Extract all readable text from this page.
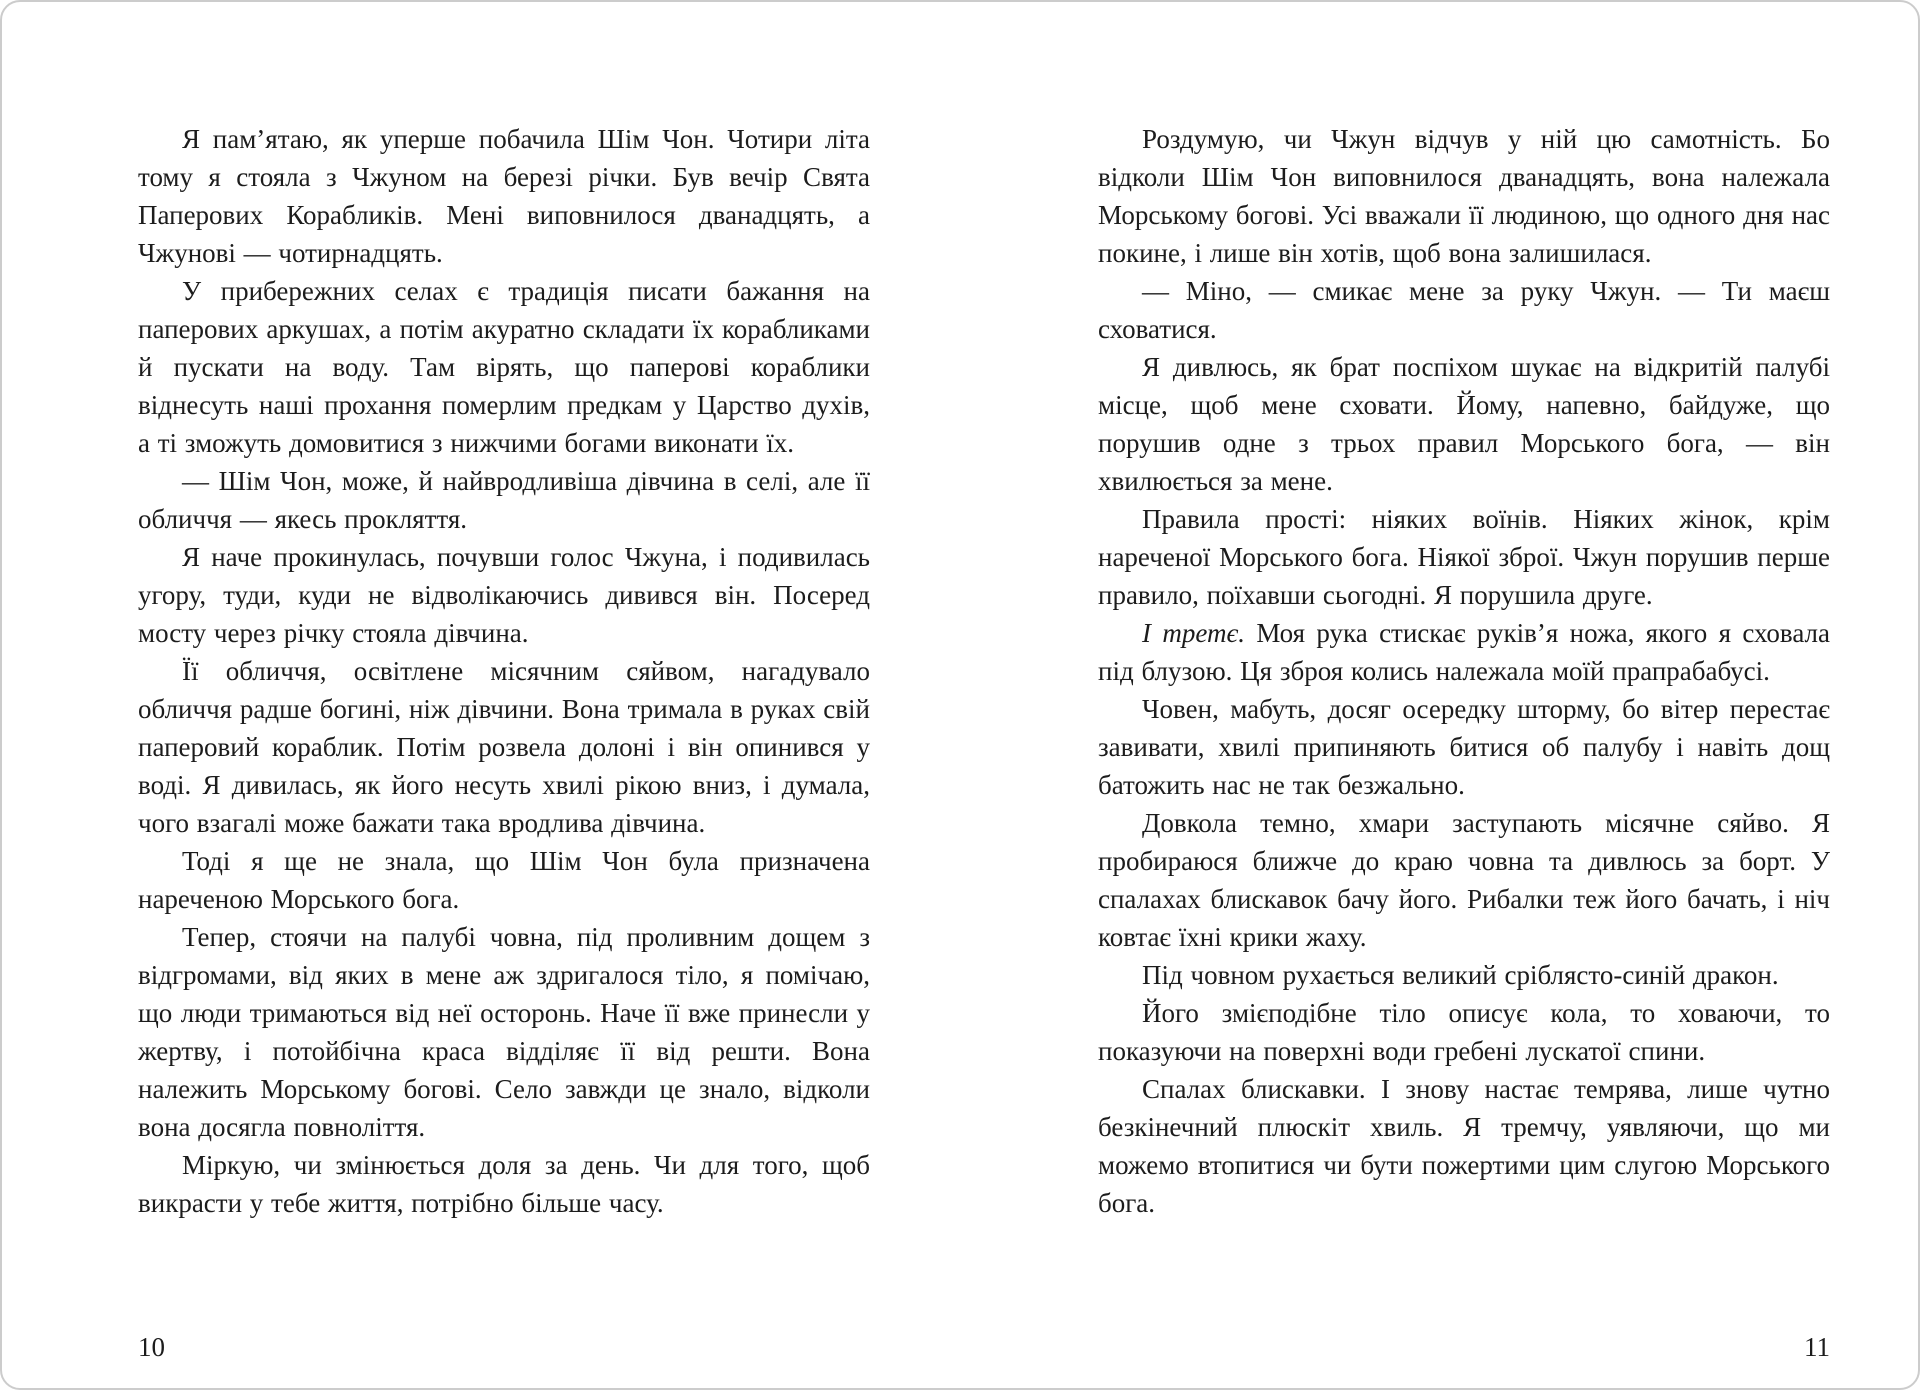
Я пам’ятаю, як уперше побачила Шім Чон. Чотири літа тому я стояла з Чжуном на березі річки. Був вечір Свята Паперових Корабликів. Мені виповнилося дванадцять, а Чжунові — чотирнадцять.

У прибережних селах є традиція писати бажання на паперових аркушах, а потім акуратно складати їх корабликами й пускати на воду. Там вірять, що паперові кораблики віднесуть наші прохання померлим предкам у Царство духів, а ті зможуть домовитися з нижчими богами виконати їх.

— Шім Чон, може, й найвродливіша дівчина в селі, але її обличчя — якесь прокляття.

Я наче прокинулась, почувши голос Чжуна, і подивилась угору, туди, куди не відволікаючись дивився він. Посеред мосту через річку стояла дівчина.

Її обличчя, освітлене місячним сяйвом, нагадувало обличчя радше богині, ніж дівчини. Вона тримала в руках свій паперовий кораблик. Потім розвела долоні і він опинився у воді. Я дивилась, як його несуть хвилі рікою вниз, і думала, чого взагалі може бажати така вродлива дівчина.

Тоді я ще не знала, що Шім Чон була призначена нареченою Морського бога.

Тепер, стоячи на палубі човна, під проливним дощем з відгромами, від яких в мене аж здригалося тіло, я помічаю, що люди тримаються від неї осторонь. Наче її вже принесли у жертву, і потойбічна краса відділяє її від решти. Вона належить Морському богові. Село завжди це знало, відколи вона досягла повноліття.

Міркую, чи змінюється доля за день. Чи для того, щоб викрасти у тебе життя, потрібно більше часу.

10

Роздумую, чи Чжун відчув у ній цю самотність. Бо відколи Шім Чон виповнилося дванадцять, вона належала Морському богові. Усі вважали її людиною, що одного дня нас покине, і лише він хотів, щоб вона залишилася.

— Міно, — смикає мене за руку Чжун. — Ти маєш сховатися.

Я дивлюсь, як брат поспіхом шукає на відкритій палубі місце, щоб мене сховати. Йому, напевно, байдуже, що порушив одне з трьох правил Морського бога, — він хвилюється за мене.

Правила прості: ніяких воїнів. Ніяких жінок, крім нареченої Морського бога. Ніякої зброї. Чжун порушив перше правило, поїхавши сьогодні. Я порушила друге.

І третє. Моя рука стискає руків’я ножа, якого я сховала під блузою. Ця зброя колись належала моїй прапрабабусі.

Човен, мабуть, досяг осередку шторму, бо вітер перестає завивати, хвилі припиняють битися об палубу і навіть дощ батожить нас не так безжально.

Довкола темно, хмари заступають місячне сяйво. Я пробираюся ближче до краю човна та дивлюсь за борт. У спалахах блискавок бачу його. Рибалки теж його бачать, і ніч ковтає їхні крики жаху.

Під човном рухається великий сріблясто-синій дракон.

Його змієподібне тіло описує кола, то ховаючи, то показуючи на поверхні води гребені лускатої спини.

Спалах блискавки. І знову настає темрява, лише чутно безкінечний плюскіт хвиль. Я тремчу, уявляючи, що ми можемо втопитися чи бути пожертими цим слугою Морського бога.

11
